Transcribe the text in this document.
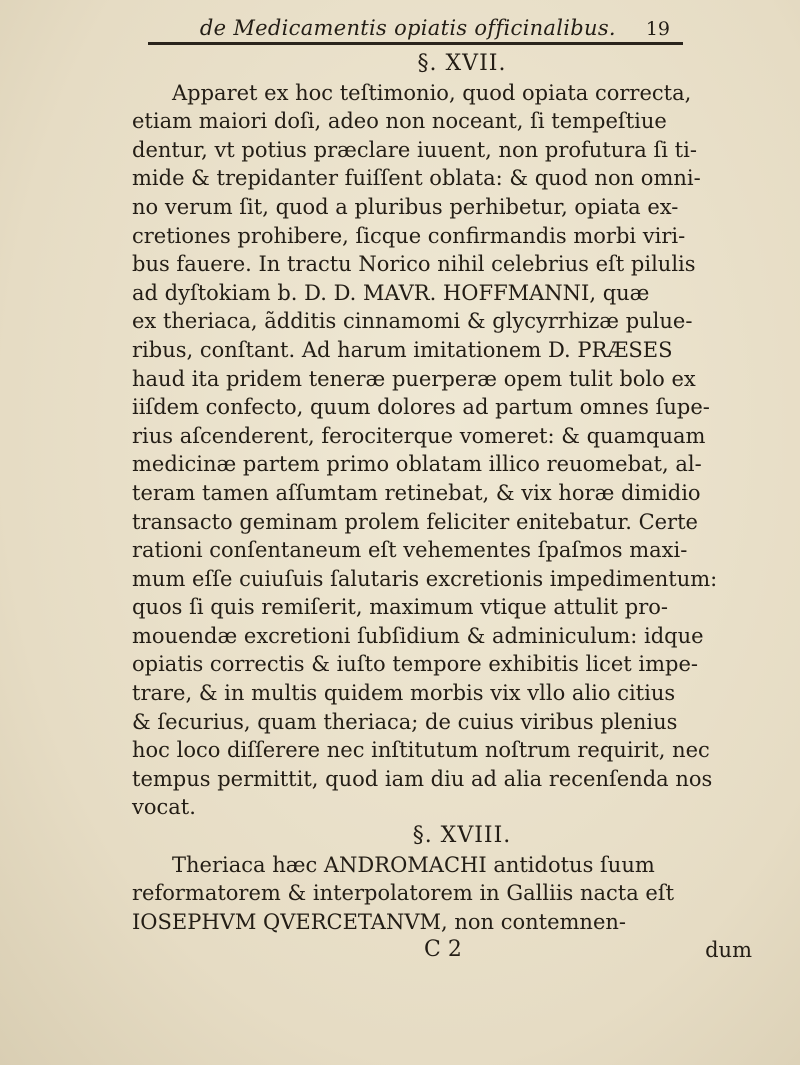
de Medicamentis opiatis officinalibus. 19
§. XVII.
Apparet ex hoc teſtimonio, quod opiata correcta,
etiam maiori doſi, adeo non noceant, ſi tempeſtiue
dentur, vt potius præclare iuuent, non profutura ſi ti-
mide & trepidanter fuiſſent oblata: & quod non omni-
no verum ſit, quod a pluribus perhibetur, opiata ex-
cretiones prohibere, ſicque confirmandis morbi viri-
bus fauere. In tractu Norico nihil celebrius eſt pilulis
ad dyſtokiam b. D. D. MAVR. HOFFMANNI, quæ
ex theriaca, ãdditis cinnamomi & glycyrrhizæ pulue-
ribus, conſtant. Ad harum imitationem D. PRÆSES
haud ita pridem teneræ puerperæ opem tulit bolo ex
iiſdem confecto, quum dolores ad partum omnes ſupe-
rius aſcenderent, ferociterque vomeret: & quamquam
medicinæ partem primo oblatam illico reuomebat, al-
teram tamen aſſumtam retinebat, & vix horæ dimidio
transacto geminam prolem feliciter enitebatur. Certe
rationi conſentaneum eſt vehementes ſpaſmos maxi-
mum eſſe cuiuſuis ſalutaris excretionis impedimentum:
quos ſi quis remiſerit, maximum vtique attulit pro-
mouendæ excretioni ſubſidium & adminiculum: idque
opiatis correctis & iuſto tempore exhibitis licet impe-
trare, & in multis quidem morbis vix vllo alio citius
& ſecurius, quam theriaca; de cuius viribus plenius
hoc loco diſſerere nec inſtitutum noſtrum requirit, nec
tempus permittit, quod iam diu ad alia recenſenda nos
vocat.
§. XVIII.
Theriaca hæc ANDROMACHI antidotus ſuum
reformatorem & interpolatorem in Galliis nacta eſt
IOSEPHVM QVERCETANVM, non contemnen-
C 2	dum
